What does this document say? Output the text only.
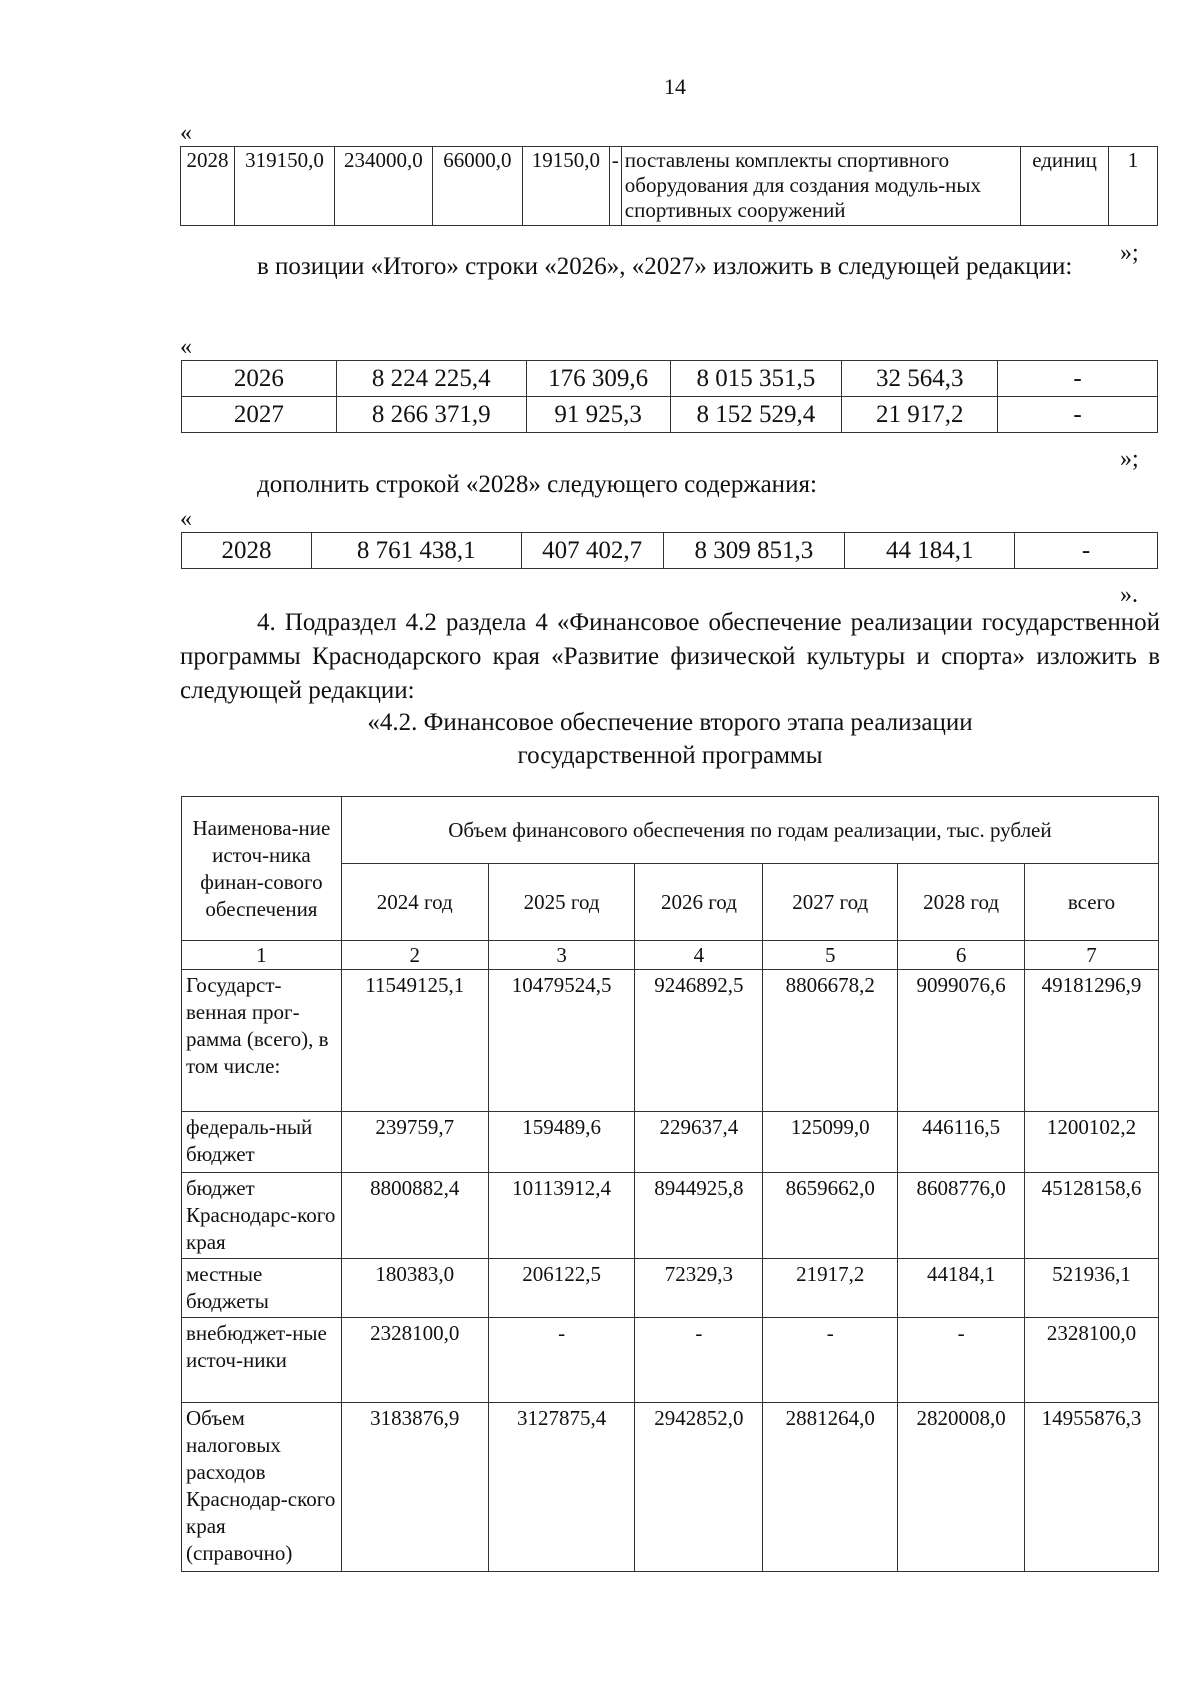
14
«
2028	319150,0	234000,0	66000,0	19150,0	-	поставлены комплекты спортивного оборудования для создания модуль-ных спортивных сооружений	единиц	1
»;

в позиции «Итого» строки «2026», «2027» изложить в следующей редакции:

«
2026	8 224 225,4	176 309,6	8 015 351,5	32 564,3	-
2027	8 266 371,9	91 925,3	8 152 529,4	21 917,2	-
»;

дополнить строкой «2028» следующего содержания:

«
2028	8 761 438,1	407 402,7	8 309 851,3	44 184,1	-
».

4. Подраздел 4.2 раздела 4 «Финансовое обеспечение реализации государственной программы Краснодарского края «Развитие физической культуры и спорта» изложить в следующей редакции:

«4.2. Финансовое обеспечение второго этапа реализации
государственной программы
Наименова-ние источ-ника финан-сового обеспечения	Объем финансового обеспечения по годам реализации, тыс. рублей					
	2024 год	2025 год	2026 год	2027 год	2028 год	всего
1	2	3	4	5	6	7
Государст-венная прог-рамма (всего), в том числе:	11549125,1	10479524,5	9246892,5	8806678,2	9099076,6	49181296,9
федераль-ный бюджет	239759,7	159489,6	229637,4	125099,0	446116,5	1200102,2
бюджет Краснодарс-кого края	8800882,4	10113912,4	8944925,8	8659662,0	8608776,0	45128158,6
местные бюджеты	180383,0	206122,5	72329,3	21917,2	44184,1	521936,1
внебюджет-ные источ-ники	2328100,0	-	-	-	-	2328100,0
Объем налоговых расходов Краснодар-ского края (справочно)	3183876,9	3127875,4	2942852,0	2881264,0	2820008,0	14955876,3
